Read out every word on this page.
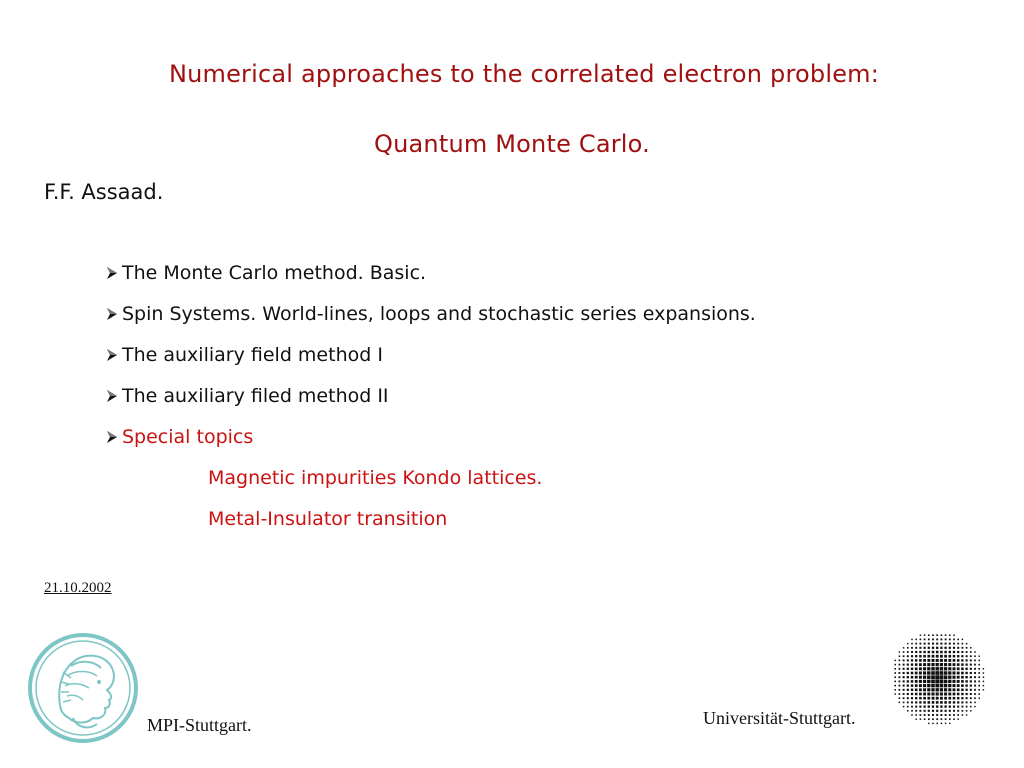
Numerical approaches to the correlated electron problem:
Quantum Monte Carlo.
F.F. Assaad.
The Monte Carlo method. Basic.
Spin Systems. World-lines, loops and stochastic series expansions.
The auxiliary field method I
The auxiliary filed method II
Special topics
Magnetic impurities Kondo lattices.
Metal-Insulator transition
21.10.2002
MPI-Stuttgart.	Universität-Stuttgart.
